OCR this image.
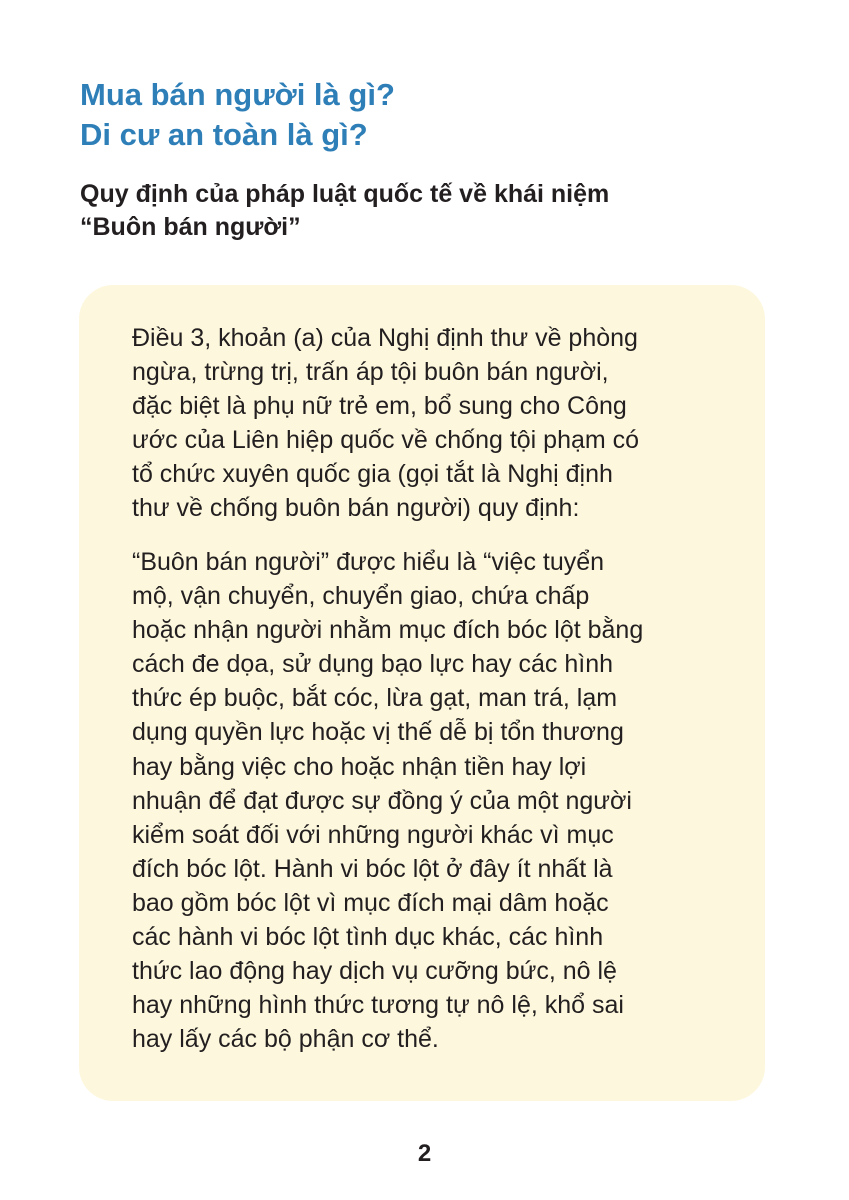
Mua bán người là gì?
Di cư an toàn là gì?
Quy định của pháp luật quốc tế về khái niệm
“Buôn bán người”

Điều 3, khoản (a) của Nghị định thư về phòng
ngừa, trừng trị, trấn áp tội buôn bán người,
đặc biệt là phụ nữ trẻ em, bổ sung cho Công
ước của Liên hiệp quốc về chống tội phạm có
tổ chức xuyên quốc gia (gọi tắt là Nghị định
thư về chống buôn bán người) quy định:

“Buôn bán người” được hiểu là “việc tuyển
mộ, vận chuyển, chuyển giao, chứa chấp
hoặc nhận người nhằm mục đích bóc lột bằng
cách đe dọa, sử dụng bạo lực hay các hình
thức ép buộc, bắt cóc, lừa gạt, man trá, lạm
dụng quyền lực hoặc vị thế dễ bị tổn thương
hay bằng việc cho hoặc nhận tiền hay lợi
nhuận để đạt được sự đồng ý của một người
kiểm soát đối với những người khác vì mục
đích bóc lột. Hành vi bóc lột ở đây ít nhất là
bao gồm bóc lột vì mục đích mại dâm hoặc
các hành vi bóc lột tình dục khác, các hình
thức lao động hay dịch vụ cưỡng bức, nô lệ
hay những hình thức tương tự nô lệ, khổ sai
hay lấy các bộ phận cơ thể.

2
